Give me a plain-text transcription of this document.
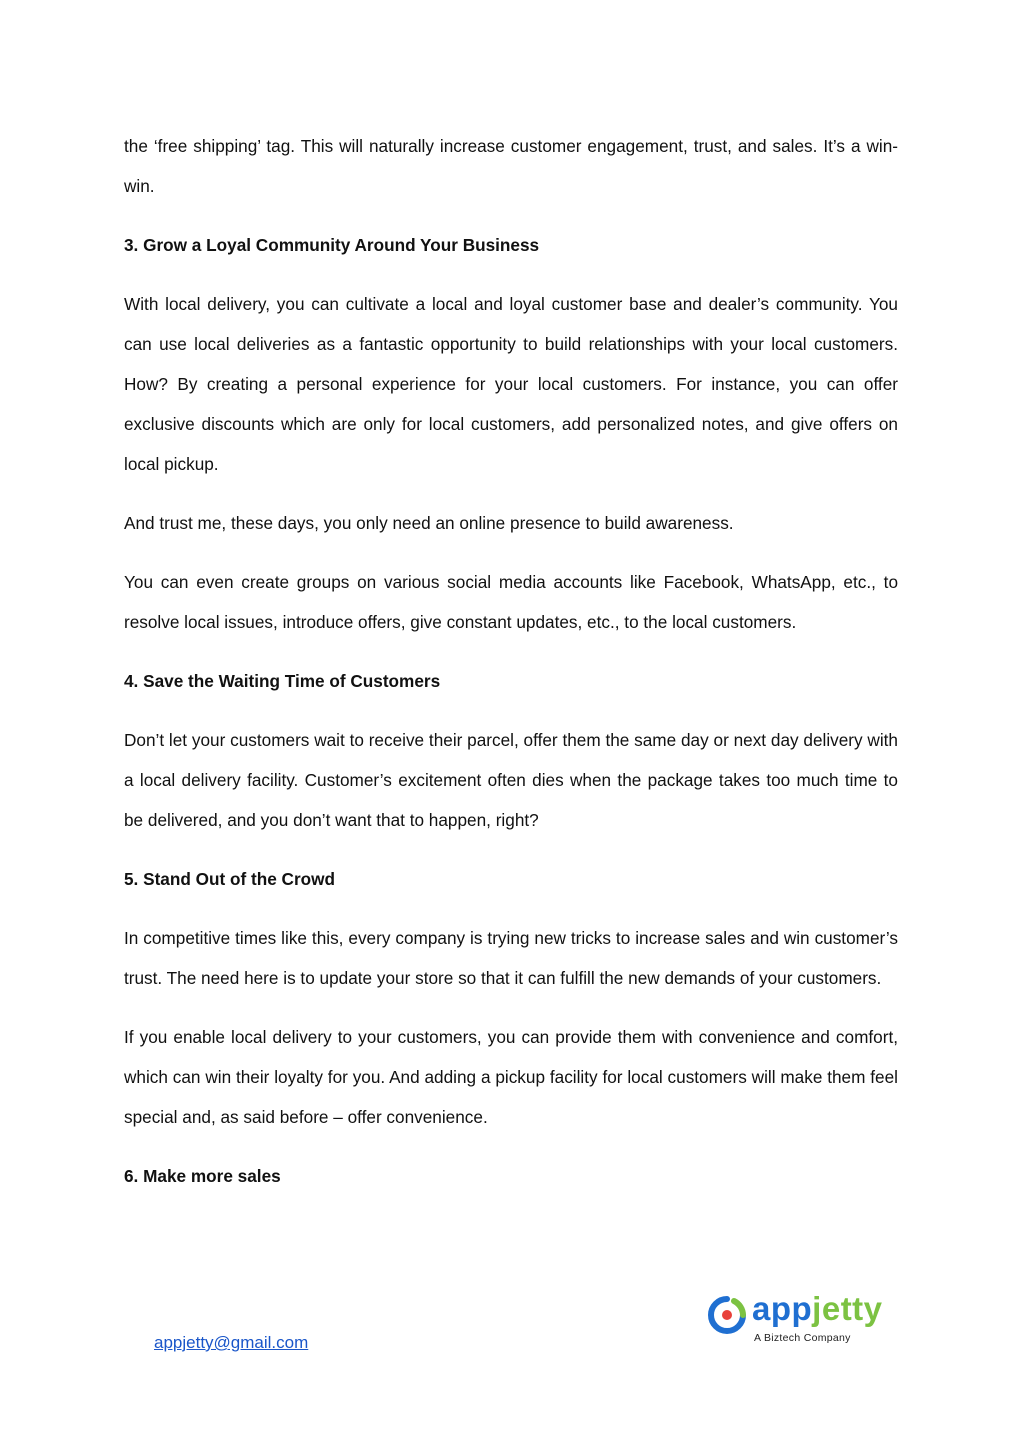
the ‘free shipping’ tag. This will naturally increase customer engagement, trust, and sales. It’s a win-win.

3. Grow a Loyal Community Around Your Business

With local delivery, you can cultivate a local and loyal customer base and dealer’s community. You can use local deliveries as a fantastic opportunity to build relationships with your local customers. How? By creating a personal experience for your local customers. For instance, you can offer exclusive discounts which are only for local customers, add personalized notes, and give offers on local pickup.

And trust me, these days, you only need an online presence to build awareness.

You can even create groups on various social media accounts like Facebook, WhatsApp, etc., to resolve local issues, introduce offers, give constant updates, etc., to the local customers.

4. Save the Waiting Time of Customers

Don’t let your customers wait to receive their parcel, offer them the same day or next day delivery with a local delivery facility. Customer’s excitement often dies when the package takes too much time to be delivered, and you don’t want that to happen, right?

5. Stand Out of the Crowd

In competitive times like this, every company is trying new tricks to increase sales and win customer’s trust. The need here is to update your store so that it can fulfill the new demands of your customers.

If you enable local delivery to your customers, you can provide them with convenience and comfort, which can win their loyalty for you. And adding a pickup facility for local customers will make them feel special and, as said before – offer convenience.

6. Make more sales
appjetty@gmail.com
appjetty
A Biztech Company
